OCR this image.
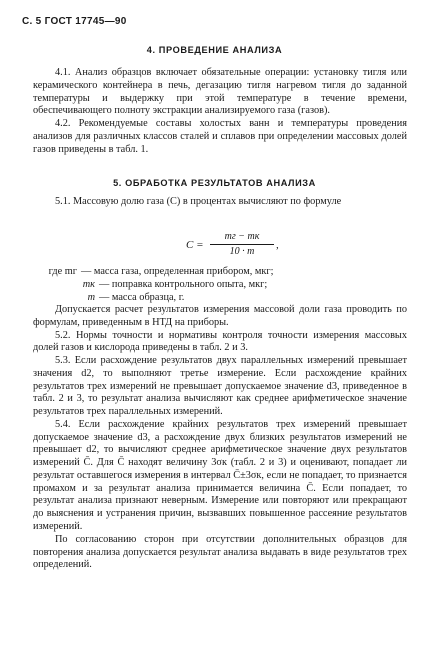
С. 5 ГОСТ 17745—90
4. ПРОВЕДЕНИЕ АНАЛИЗА

4.1. Анализ образцов включает обязательные операции: установку тигля или керамического контейнера в печь, дегазацию тигля нагревом тигля до заданной температуры и выдержку при этой температуре в течение времени, обеспечивающего полноту экстракции анализируемого газа (газов).

4.2. Рекомендуемые составы холостых ванн и температуры проведения анализов для различных классов сталей и сплавов при определении массовых долей газов приведены в табл. 1.

5. ОБРАБОТКА РЕЗУЛЬТАТОВ АНАЛИЗА

5.1. Массовую долю газа (C) в процентах вычисляют по формуле

C =
mг − mк
10 · m
,
где mг — масса газа, определенная прибором, мкг;
mк — поправка контрольного опыта, мкг;
m — масса образца, г.

Допускается расчет результатов измерения массовой доли газа проводить по формулам, приведенным в НТД на приборы.

5.2. Нормы точности и нормативы контроля точности измерения массовых долей газов и кислорода приведены в табл. 2 и 3.

5.3. Если расхождение результатов двух параллельных измерений превышает значения d2, то выполняют третье измерение. Если расхождение крайних результатов трех измерений не превышает допускаемое значение d3, приведенное в табл. 2 и 3, то результат анализа вычисляют как среднее арифметическое значение результатов трех параллельных измерений.

5.4. Если расхождение крайних результатов трех измерений превышает допускаемое значение d3, а расхождение двух близких результатов измерений не превышает d2, то вычисляют среднее арифметическое значение двух результатов измерений C̄. Для C̄ находят величину 3σк (табл. 2 и 3) и оценивают, попадает ли результат оставшегося измерения в интервал C̄±3σк, если не попадает, то признается промахом и за результат анализа принимается величина C̄. Если попадает, то результат анализа признают неверным. Измерение или повторяют или прекращают до выяснения и устранения причин, вызвавших повышенное рассеяние результатов измерений.

По согласованию сторон при отсутствии дополнительных образцов для повторения анализа допускается результат анализа выдавать в виде результатов трех определений.
